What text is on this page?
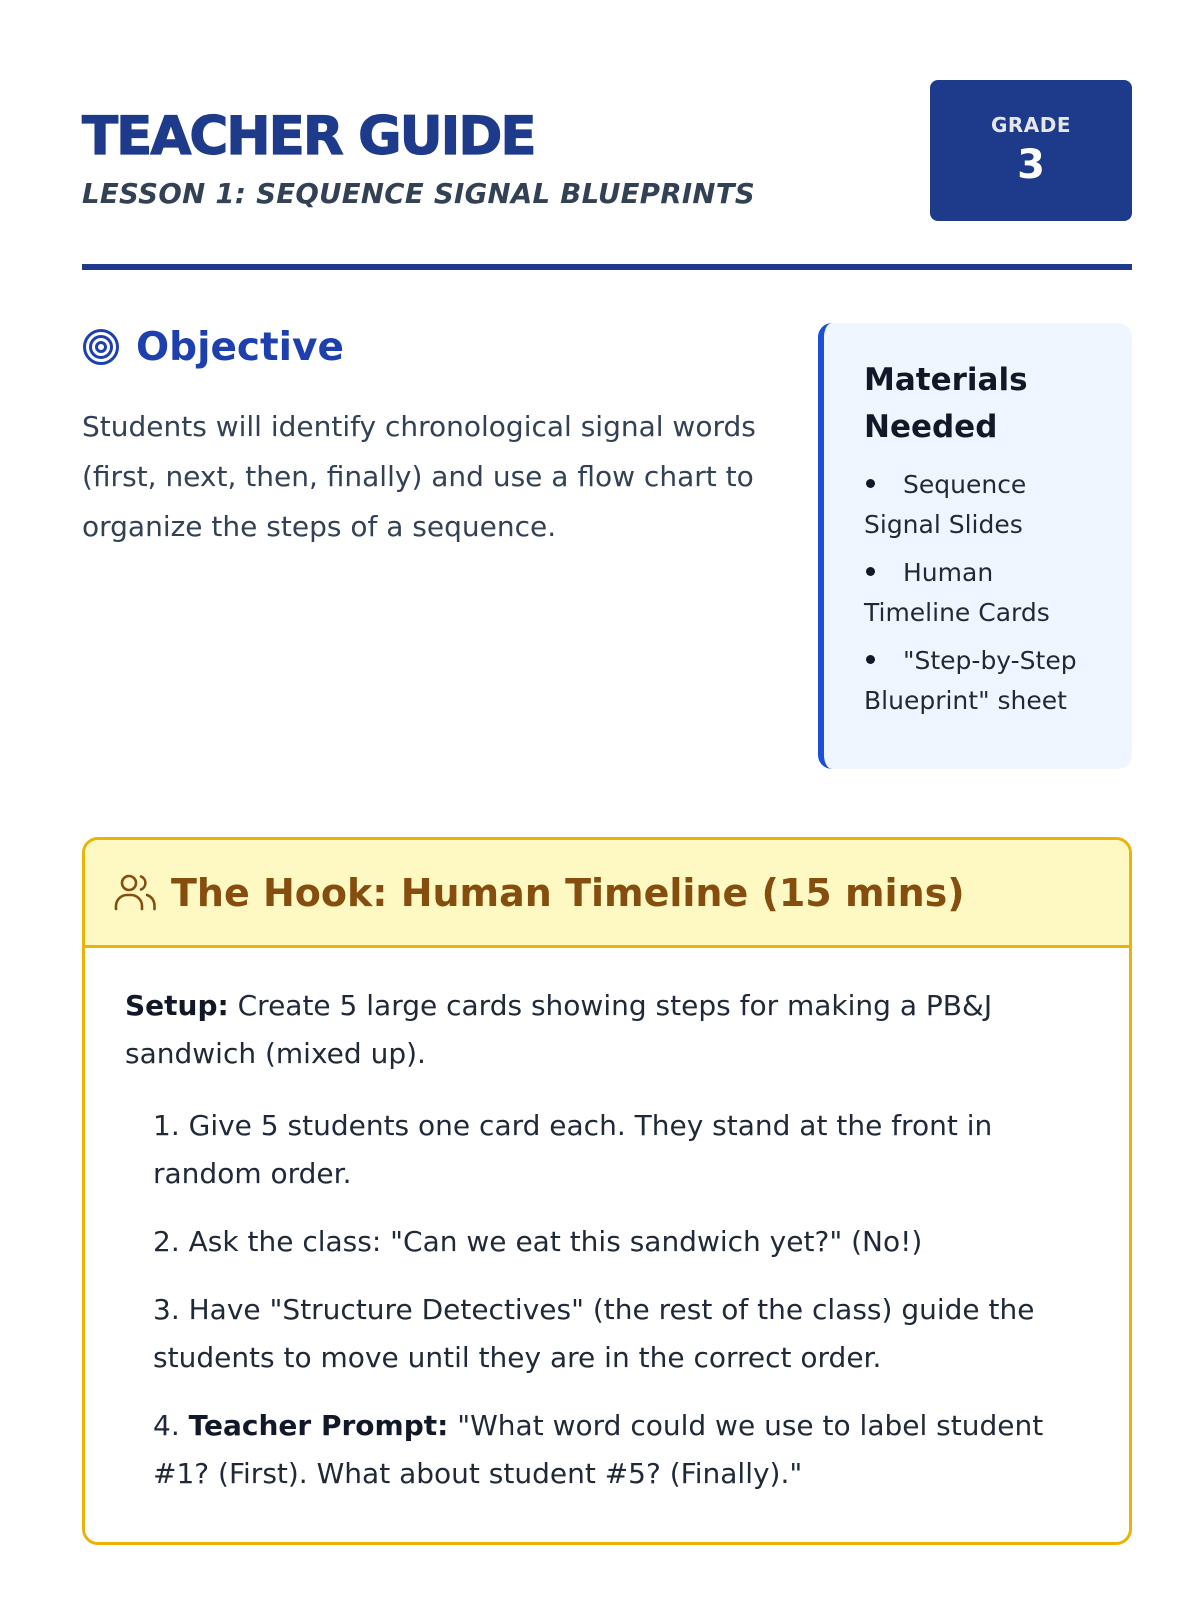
TEACHER GUIDE
LESSON 1: SEQUENCE SIGNAL BLUEPRINTS
GRADE
3
Objective
Students will identify chronological signal words (first, next, then, finally) and use a flow chart to organize the steps of a sequence.
Materials Needed
Sequence Signal Slides
Human Timeline Cards
"Step-by-Step Blueprint" sheet
The Hook: Human Timeline (15 mins)
Setup: Create 5 large cards showing steps for making a PB&J sandwich (mixed up).
1. Give 5 students one card each. They stand at the front in random order.
2. Ask the class: "Can we eat this sandwich yet?" (No!)
3. Have "Structure Detectives" (the rest of the class) guide the students to move until they are in the correct order.
4. Teacher Prompt: "What word could we use to label student #1? (First). What about student #5? (Finally)."
